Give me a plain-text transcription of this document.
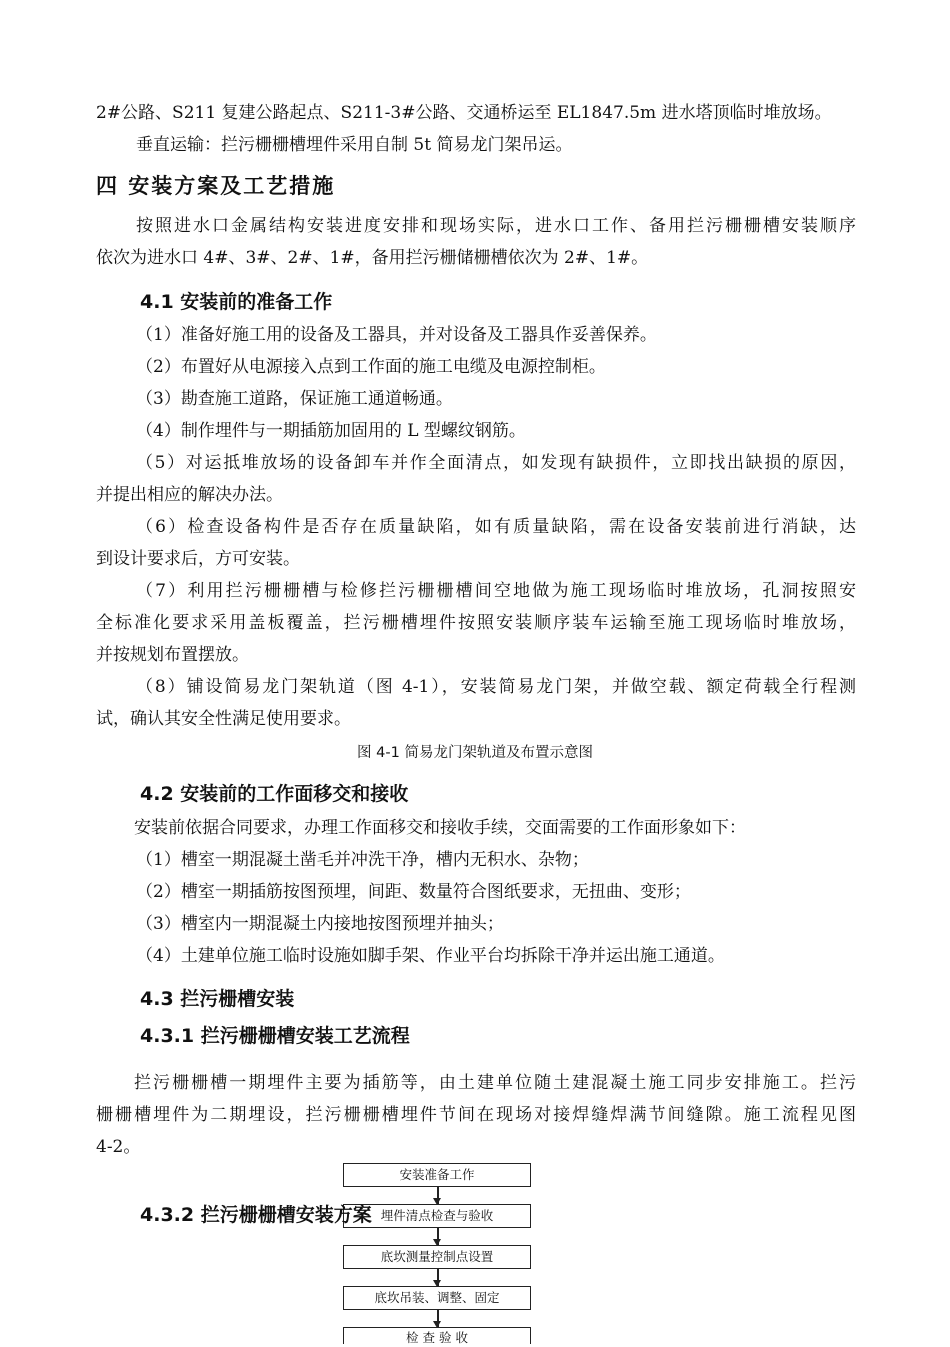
2#公路、S211 复建公路起点、S211-3#公路、交通桥运至 EL1847.5m 进水塔顶临时堆放场。
垂直运输：拦污栅栅槽埋件采用自制 5t 简易龙门架吊运。
四 安装方案及工艺措施
按照进水口金属结构安装进度安排和现场实际，进水口工作、备用拦污栅栅槽安装顺序
依次为进水口 4#、3#、2#、1#，备用拦污栅储栅槽依次为 2#、1#。
4.1 安装前的准备工作
（1）准备好施工用的设备及工器具，并对设备及工器具作妥善保养。
（2）布置好从电源接入点到工作面的施工电缆及电源控制柜。
（3）勘查施工道路，保证施工通道畅通。
（4）制作埋件与一期插筋加固用的 L 型螺纹钢筋。
（5）对运抵堆放场的设备卸车并作全面清点，如发现有缺损件，立即找出缺损的原因，
并提出相应的解决办法。
（6）检查设备构件是否存在质量缺陷，如有质量缺陷，需在设备安装前进行消缺，达
到设计要求后，方可安装。
（7）利用拦污栅栅槽与检修拦污栅栅槽间空地做为施工现场临时堆放场，孔洞按照安
全标准化要求采用盖板覆盖，拦污栅槽埋件按照安装顺序装车运输至施工现场临时堆放场，
并按规划布置摆放。
（8）铺设简易龙门架轨道（图 4-1），安装简易龙门架，并做空载、额定荷载全行程测
试，确认其安全性满足使用要求。
图 4-1 简易龙门架轨道及布置示意图
4.2 安装前的工作面移交和接收
安装前依据合同要求，办理工作面移交和接收手续，交面需要的工作面形象如下：
（1）槽室一期混凝土凿毛并冲洗干净，槽内无积水、杂物；
（2）槽室一期插筋按图预埋，间距、数量符合图纸要求，无扭曲、变形；
（3）槽室内一期混凝土内接地按图预埋并抽头；
（4）土建单位施工临时设施如脚手架、作业平台均拆除干净并运出施工通道。
4.3 拦污栅槽安装
4.3.1 拦污栅栅槽安装工艺流程
拦污栅栅槽一期埋件主要为插筋等，由土建单位随土建混凝土施工同步安排施工。拦污
栅栅槽埋件为二期埋设，拦污栅栅槽埋件节间在现场对接焊缝焊满节间缝隙。施工流程见图
4-2。
安装准备工作
埋件清点检查与验收
底坎测量控制点设置
底坎吊装、调整、固定
检 查 验 收
4.3.2 拦污栅栅槽安装方案
